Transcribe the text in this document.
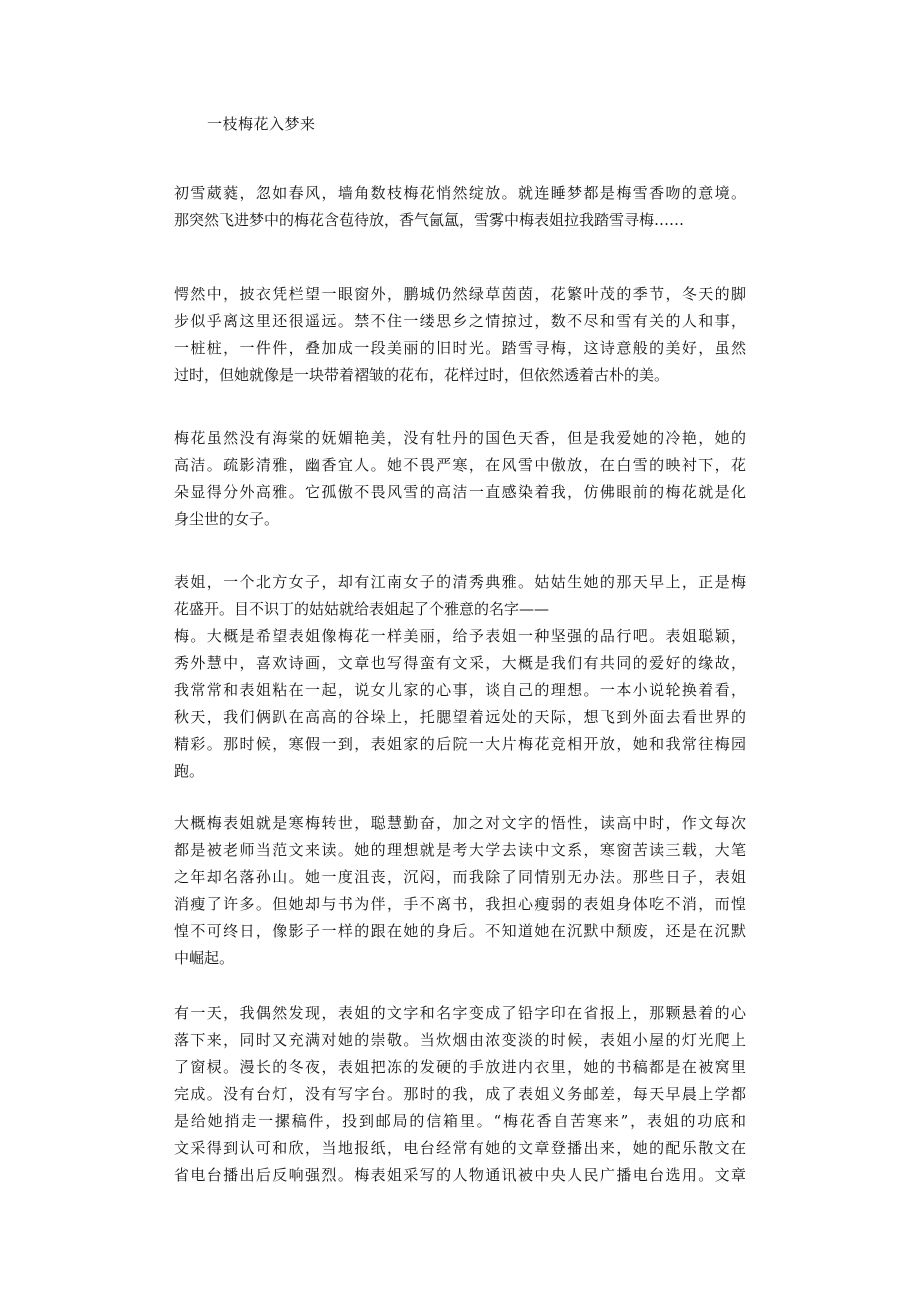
一枝梅花入梦来
初雪葳蕤，忽如春风，墙角数枝梅花悄然绽放。就连睡梦都是梅雪香吻的意境。
那突然飞进梦中的梅花含苞待放，香气氤氲，雪雾中梅表姐拉我踏雪寻梅……
愕然中，披衣凭栏望一眼窗外，鹏城仍然绿草茵茵，花繁叶茂的季节，冬天的脚
步似乎离这里还很遥远。禁不住一缕思乡之情掠过，数不尽和雪有关的人和事，
一桩桩，一件件，叠加成一段美丽的旧时光。踏雪寻梅，这诗意般的美好，虽然
过时，但她就像是一块带着褶皱的花布，花样过时，但依然透着古朴的美。
梅花虽然没有海棠的妩媚艳美，没有牡丹的国色天香，但是我爱她的冷艳，她的
高洁。疏影清雅，幽香宜人。她不畏严寒，在风雪中傲放，在白雪的映衬下，花
朵显得分外高雅。它孤傲不畏风雪的高洁一直感染着我，仿佛眼前的梅花就是化
身尘世的女子。
表姐，一个北方女子，却有江南女子的清秀典雅。姑姑生她的那天早上，正是梅
花盛开。目不识丁的姑姑就给表姐起了个雅意的名字——
梅。大概是希望表姐像梅花一样美丽，给予表姐一种坚强的品行吧。表姐聪颖，
秀外慧中，喜欢诗画，文章也写得蛮有文采，大概是我们有共同的爱好的缘故，
我常常和表姐粘在一起，说女儿家的心事，谈自己的理想。一本小说轮换着看，
秋天，我们俩趴在高高的谷垛上，托腮望着远处的天际，想飞到外面去看世界的
精彩。那时候，寒假一到，表姐家的后院一大片梅花竞相开放，她和我常往梅园
跑。
大概梅表姐就是寒梅转世，聪慧勤奋，加之对文字的悟性，读高中时，作文每次
都是被老师当范文来读。她的理想就是考大学去读中文系，寒窗苦读三载，大笔
之年却名落孙山。她一度沮丧，沉闷，而我除了同情别无办法。那些日子，表姐
消瘦了许多。但她却与书为伴，手不离书，我担心瘦弱的表姐身体吃不消，而惶
惶不可终日，像影子一样的跟在她的身后。不知道她在沉默中颓废，还是在沉默
中崛起。
有一天，我偶然发现，表姐的文字和名字变成了铅字印在省报上，那颗悬着的心
落下来，同时又充满对她的崇敬。当炊烟由浓变淡的时候，表姐小屋的灯光爬上
了窗棂。漫长的冬夜，表姐把冻的发硬的手放进内衣里，她的书稿都是在被窝里
完成。没有台灯，没有写字台。那时的我，成了表姐义务邮差，每天早晨上学都
是给她捎走一摞稿件，投到邮局的信箱里。“梅花香自苦寒来”，表姐的功底和
文采得到认可和欣，当地报纸，电台经常有她的文章登播出来，她的配乐散文在
省电台播出后反响强烈。梅表姐采写的人物通讯被中央人民广播电台选用。文章
